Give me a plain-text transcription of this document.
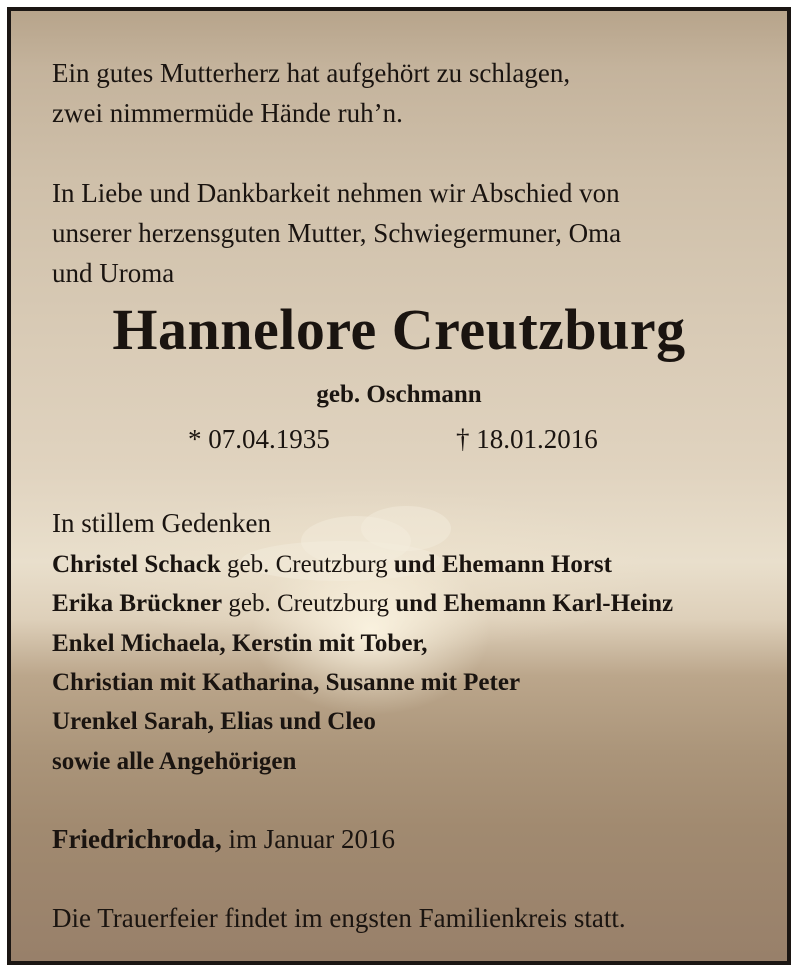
Ein gutes Mutterherz hat aufgehört zu schlagen,
zwei nimmermüde Hände ruh’n.
In Liebe und Dankbarkeit nehmen wir Abschied von
unserer herzensguten Mutter, Schwiegermuner, Oma
und Uroma
Hannelore Creutzburg
geb. Oschmann
* 07.04.1935	† 18.01.2016
In stillem Gedenken
Christel Schack geb. Creutzburg und Ehemann Horst
Erika Brückner geb. Creutzburg und Ehemann Karl-Heinz
Enkel Michaela, Kerstin mit Tober,
Christian mit Katharina, Susanne mit Peter
Urenkel Sarah, Elias und Cleo
sowie alle Angehörigen
Friedrichroda, im Januar 2016
Die Trauerfeier findet im engsten Familienkreis statt.
